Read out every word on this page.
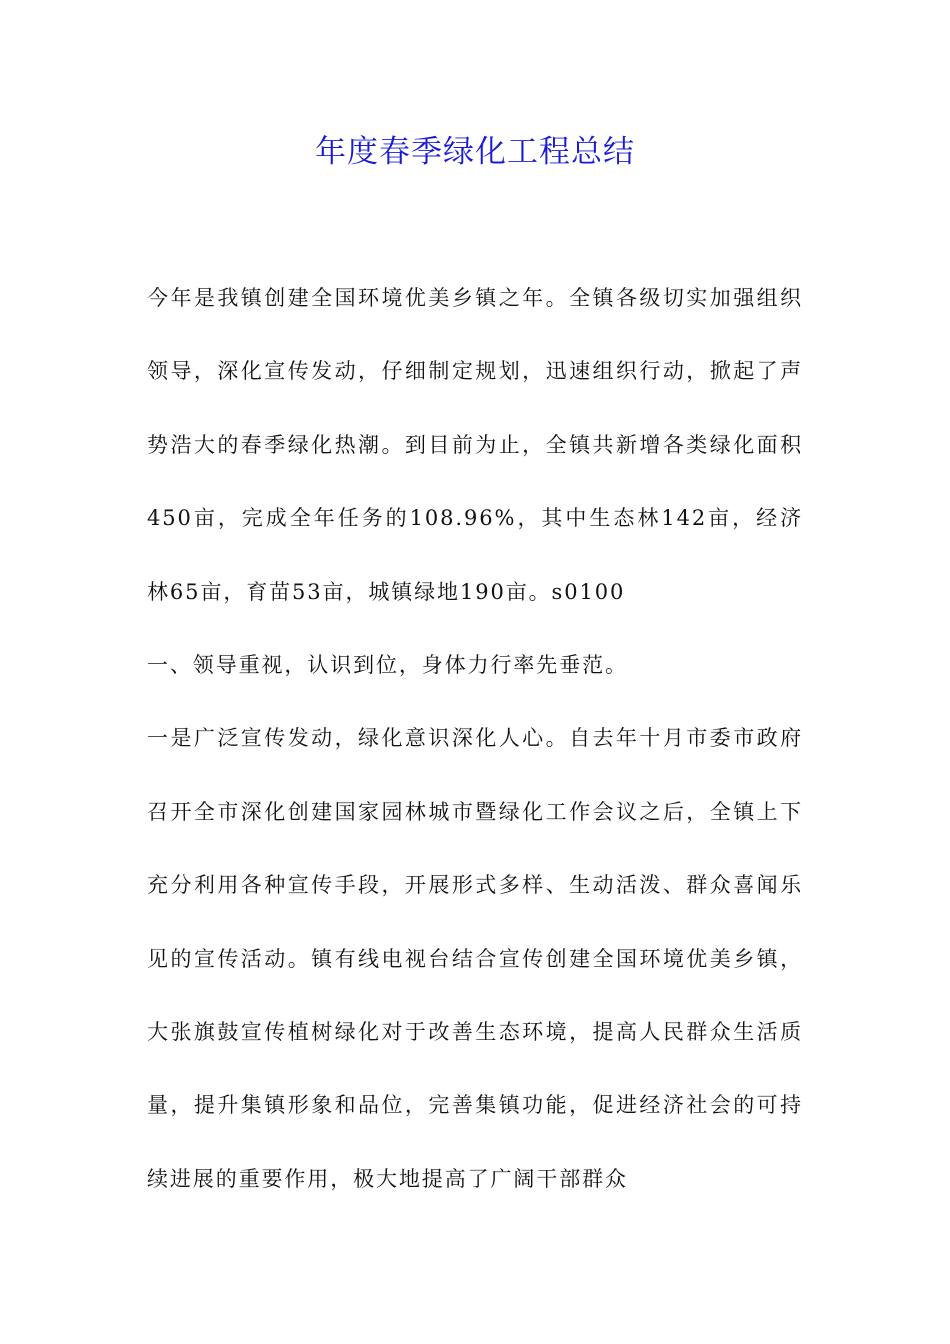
年度春季绿化工程总结

今年是我镇创建全国环境优美乡镇之年。全镇各级切实加强组织领导，深化宣传发动，仔细制定规划，迅速组织行动，掀起了声势浩大的春季绿化热潮。到目前为止，全镇共新增各类绿化面积450亩，完成全年任务的108.96%，其中生态林142亩，经济林65亩，育苗53亩，城镇绿地190亩。s0100

一、领导重视，认识到位，身体力行率先垂范。

一是广泛宣传发动，绿化意识深化人心。自去年十月市委市政府召开全市深化创建国家园林城市暨绿化工作会议之后，全镇上下充分利用各种宣传手段，开展形式多样、生动活泼、群众喜闻乐见的宣传活动。镇有线电视台结合宣传创建全国环境优美乡镇，大张旗鼓宣传植树绿化对于改善生态环境，提高人民群众生活质量，提升集镇形象和品位，完善集镇功能，促进经济社会的可持续进展的重要作用，极大地提高了广阔干部群众
